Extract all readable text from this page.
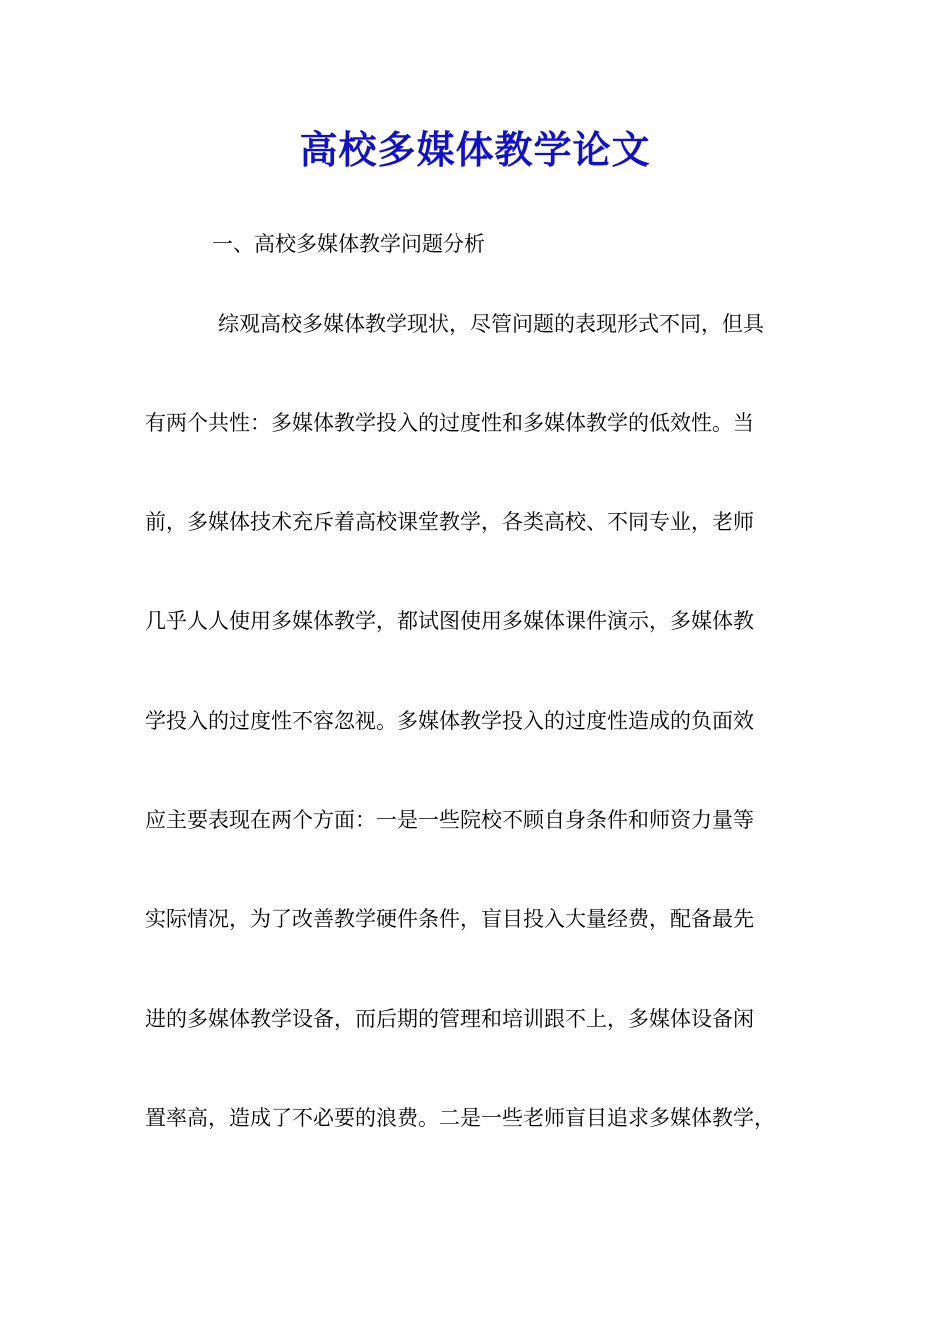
高校多媒体教学论文

一、高校多媒体教学问题分析

综观高校多媒体教学现状，尽管问题的表现形式不同，但具

有两个共性：多媒体教学投入的过度性和多媒体教学的低效性。当

前，多媒体技术充斥着高校课堂教学，各类高校、不同专业，老师

几乎人人使用多媒体教学，都试图使用多媒体课件演示，多媒体教

学投入的过度性不容忽视。多媒体教学投入的过度性造成的负面效

应主要表现在两个方面：一是一些院校不顾自身条件和师资力量等

实际情况，为了改善教学硬件条件，盲目投入大量经费，配备最先

进的多媒体教学设备，而后期的管理和培训跟不上，多媒体设备闲

置率高，造成了不必要的浪费。二是一些老师盲目追求多媒体教学，
